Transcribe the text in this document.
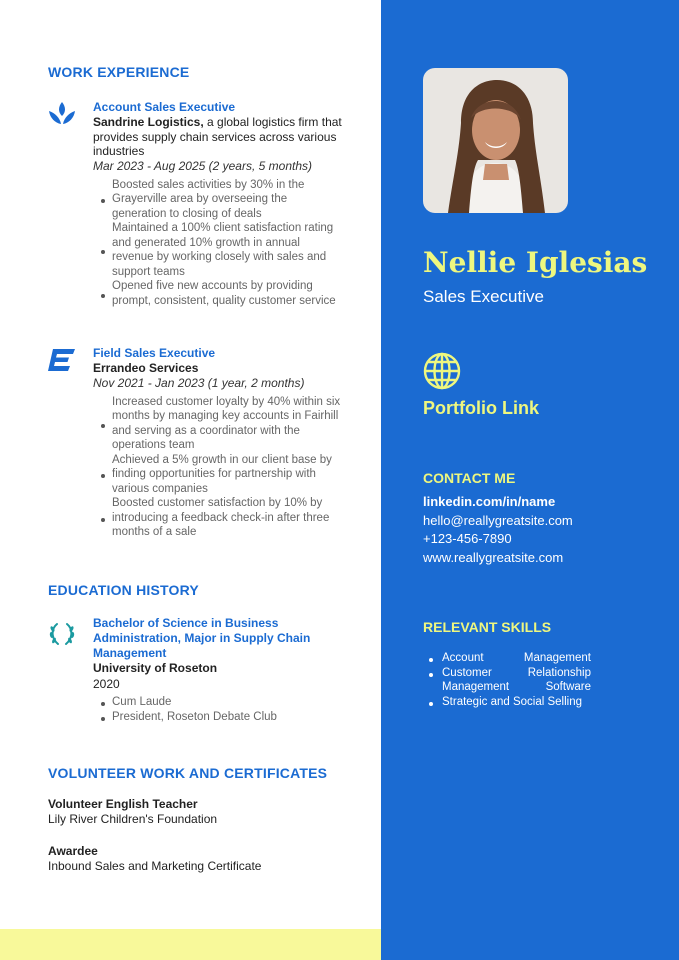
WORK EXPERIENCE
Account Sales Executive
Sandrine Logistics, a global logistics firm that provides supply chain services across various industries
Mar 2023 - Aug 2025 (2 years, 5 months)
Boosted sales activities by 30% in the Grayerville area by overseeing the generation to closing of deals
Maintained a 100% client satisfaction rating and generated 10% growth in annual revenue by working closely with sales and support teams
Opened five new accounts by providing prompt, consistent, quality customer service
Field Sales Executive
Errandeo Services
Nov 2021 - Jan 2023 (1 year, 2 months)
Increased customer loyalty by 40% within six months by managing key accounts in Fairhill and serving as a coordinator with the operations team
Achieved a 5% growth in our client base by finding opportunities for partnership with various companies
Boosted customer satisfaction by 10% by introducing a feedback check-in after three months of a sale
EDUCATION HISTORY
Bachelor of Science in Business Administration, Major in Supply Chain Management
University of Roseton
2020
Cum Laude
President, Roseton Debate Club
VOLUNTEER WORK AND CERTIFICATES
Volunteer English Teacher
Lily River Children's Foundation
Awardee
Inbound Sales and Marketing Certificate
Nellie Iglesias
Sales Executive
Portfolio Link
CONTACT ME
linkedin.com/in/name
hello@reallygreatsite.com
+123-456-7890
www.reallygreatsite.com
RELEVANT SKILLS
Account Management
Customer Relationship Management Software
Strategic and Social Selling
